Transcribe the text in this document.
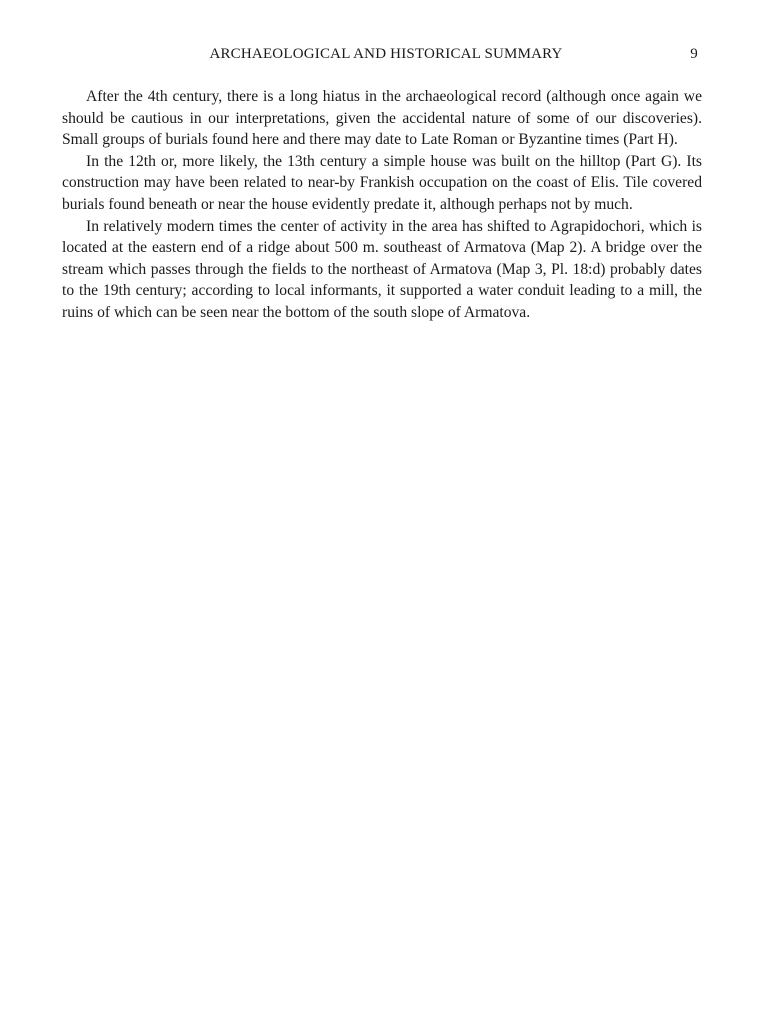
ARCHAEOLOGICAL AND HISTORICAL SUMMARY	9

After the 4th century, there is a long hiatus in the archaeological record (although once again we should be cautious in our interpretations, given the accidental nature of some of our discoveries). Small groups of burials found here and there may date to Late Roman or Byzantine times (Part H).

In the 12th or, more likely, the 13th century a simple house was built on the hilltop (Part G). Its construction may have been related to near-by Frankish occupation on the coast of Elis. Tile covered burials found beneath or near the house evidently predate it, although perhaps not by much.

In relatively modern times the center of activity in the area has shifted to Agrapidochori, which is located at the eastern end of a ridge about 500 m. southeast of Armatova (Map 2). A bridge over the stream which passes through the fields to the northeast of Armatova (Map 3, Pl. 18:d) probably dates to the 19th century; according to local informants, it supported a water conduit leading to a mill, the ruins of which can be seen near the bottom of the south slope of Armatova.
